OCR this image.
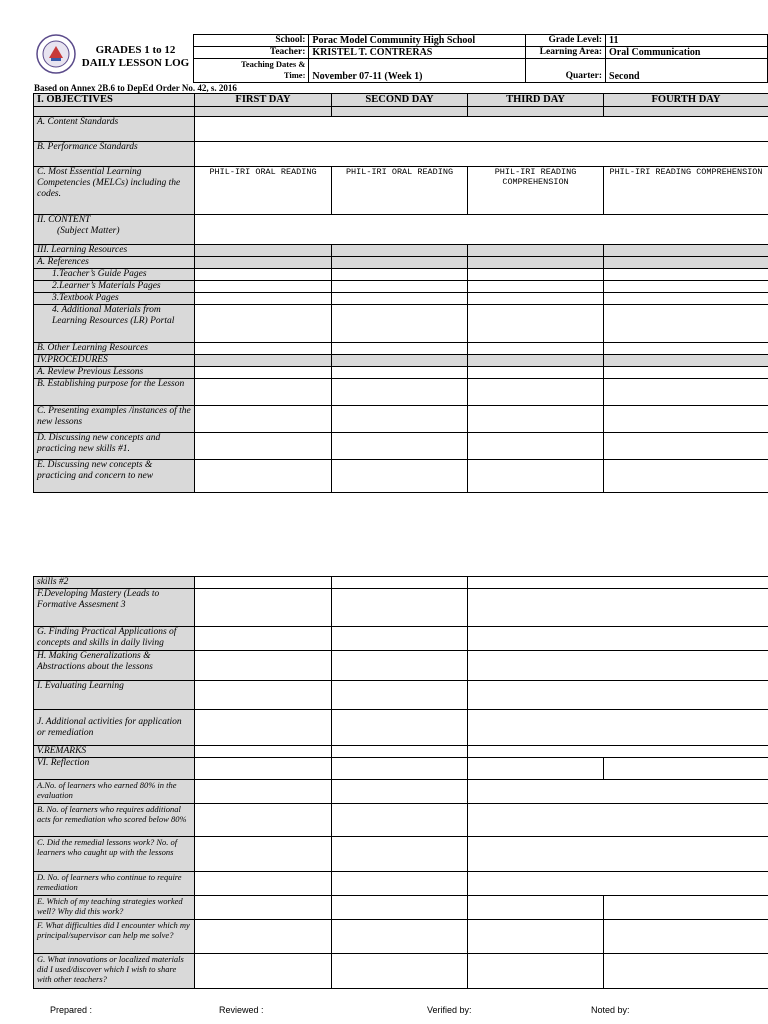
GRADES 1 to 12
DAILY LESSON LOG
School:	Porac Model Community High School	Grade Level:	11
Teacher:	KRISTEL T. CONTRERAS	Learning Area:	Oral Communication

Teaching Dates &
Time:	November 07-11 (Week 1)	Quarter:	Second
Based on Annex 2B.6 to DepEd Order No. 42, s. 2016
I. OBJECTIVES	FIRST DAY	SECOND DAY	THIRD DAY	FOURTH DAY

A. Content Standards				
B. Performance Standards				
C. Most Essential Learning Competencies (MELCs) including the codes.	PHIL-IRI ORAL READING	PHIL-IRI ORAL READING	PHIL-IRI READING COMPREHENSION	PHIL-IRI READING COMPREHENSION

II. CONTENT
(Subject Matter)				

III. Learning Resources				
A. References				
1.Teacher’s Guide Pages				
2.Learner’s Materials Pages				
3.Textbook Pages				
4. Additional Materials from Learning Resources (LR) Portal				
B. Other Learning Resources				
IV.PROCEDURES				
A. Review Previous Lessons				
B. Establishing purpose for the Lesson				
C. Presenting examples /instances of the new lessons				
D. Discussing new concepts and practicing new skills #1.				
E. Discussing new concepts & practicing and concern to new				
skills #2				
F.Developing Mastery (Leads to Formative Assesment 3				
G. Finding Practical Applications of concepts and skills in daily living				
H. Making Generalizations & Abstractions about the lessons				
I. Evaluating Learning				
J. Additional activities for application or remediation				
V.REMARKS				
VI. Reflection				
A.No. of learners who earned 80% in the evaluation				
B. No. of learners who requires additional acts for remediation who scored below 80%				
C. Did the remedial lessons work? No. of learners who caught up with the lessons				
D. No. of learners who continue to require remediation				
E. Which of my teaching strategies worked well? Why did this work?				
F. What difficulties did I encounter which my principal/supervisor can help me solve?				
G. What innovations or localized materials did I used/discover which I wish to share with other teachers?				
Prepared :	Reviewed :	Verified by:	Noted by:
